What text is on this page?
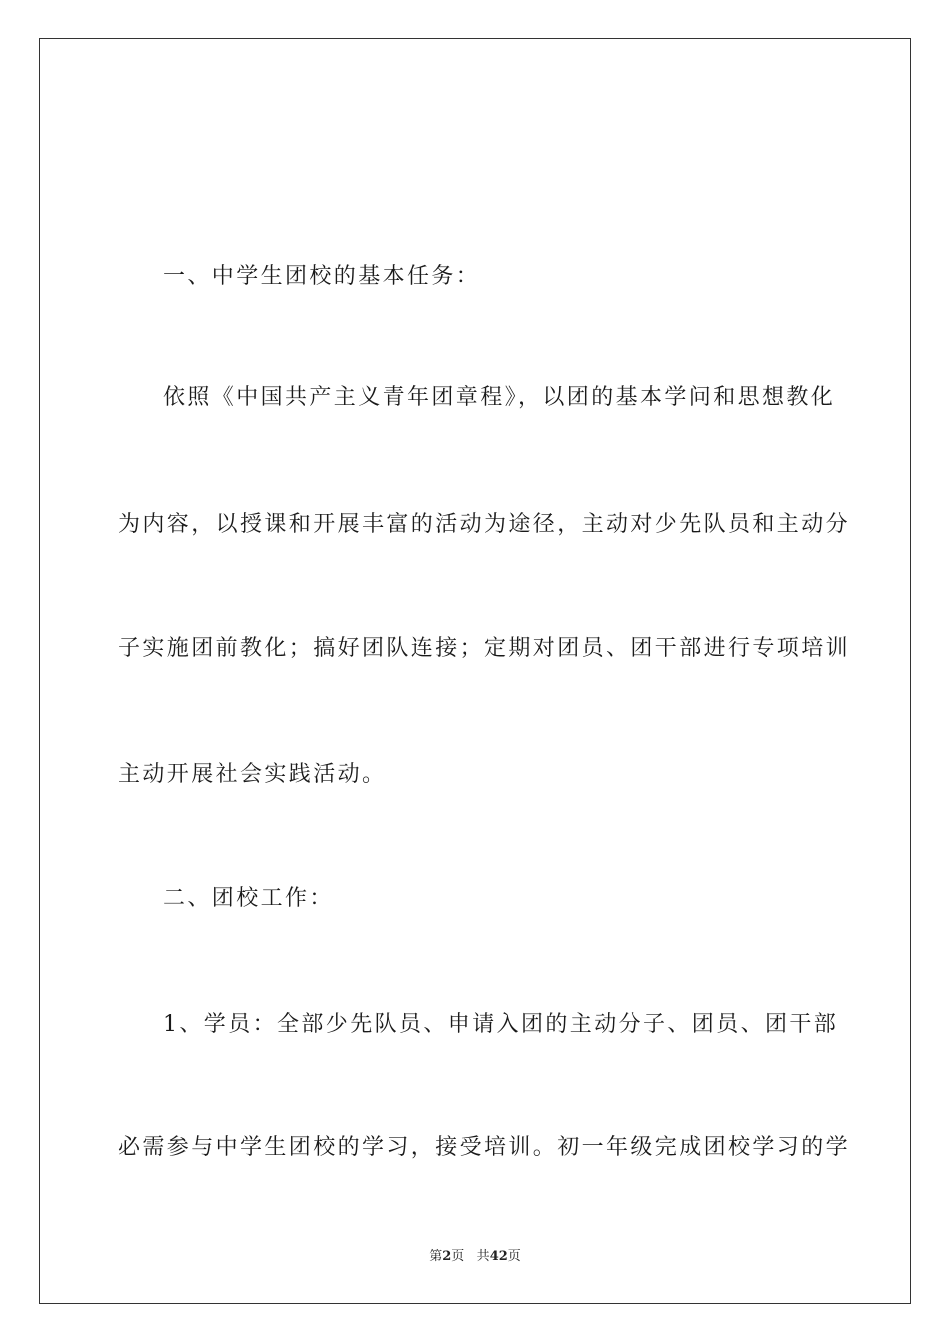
一、中学生团校的基本任务：
依照《中国共产主义青年团章程》，以团的基本学问和思想教化
为内容，以授课和开展丰富的活动为途径，主动对少先队员和主动分
子实施团前教化；搞好团队连接；定期对团员、团干部进行专项培训
主动开展社会实践活动。
二、团校工作：
1、学员：全部少先队员、申请入团的主动分子、团员、团干部
必需参与中学生团校的学习，接受培训。初一年级完成团校学习的学
第2页 共42页
